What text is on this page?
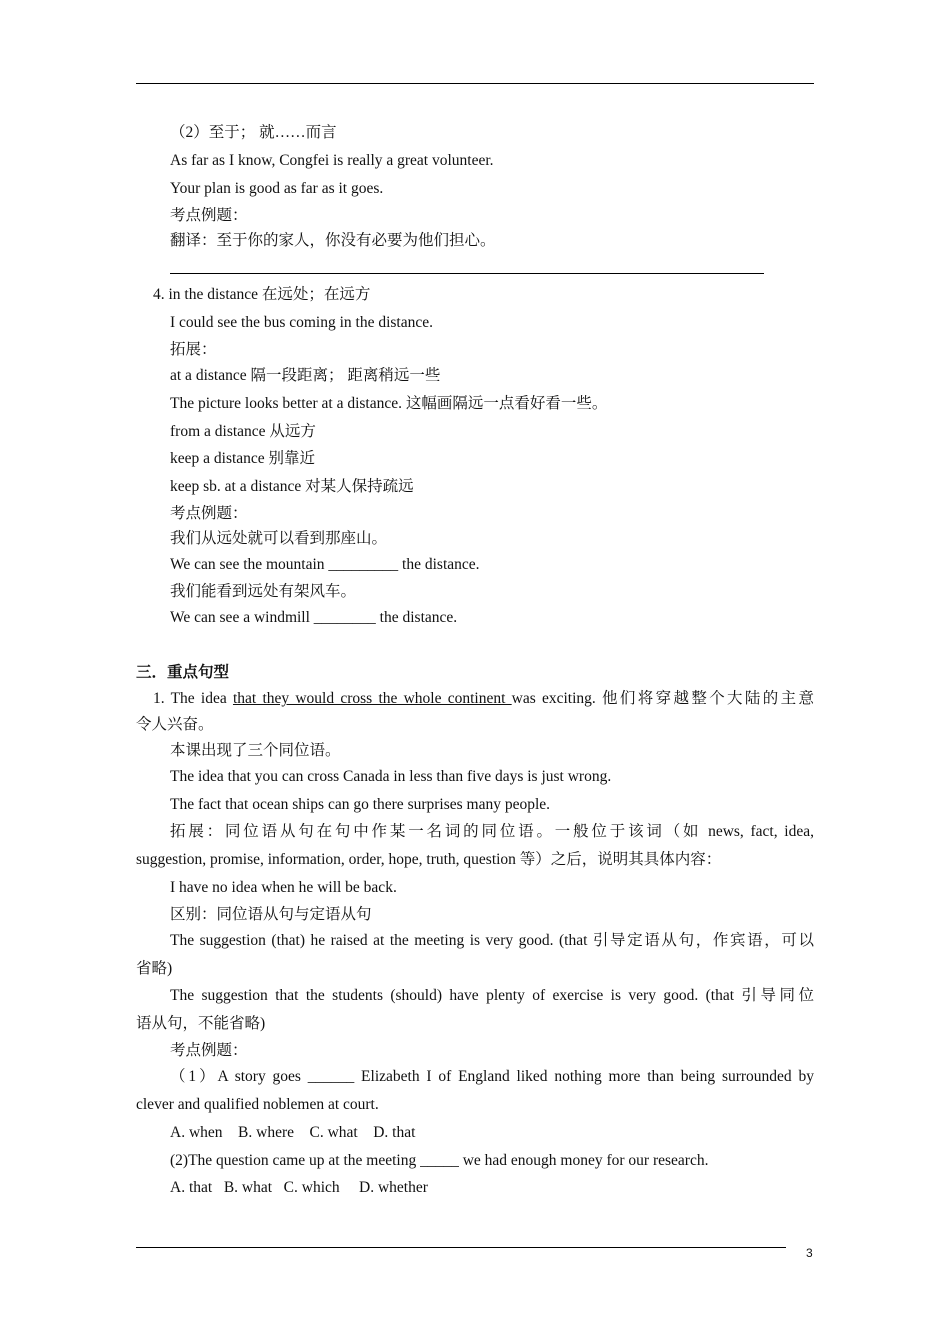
（2）至于； 就……而言
As far as I know, Congfei is really a great volunteer.
Your plan is good as far as it goes.
考点例题：
翻译：至于你的家人，你没有必要为他们担心。
4. in the distance 在远处；在远方
I could see the bus coming in the distance.
拓展：
at a distance 隔一段距离； 距离稍远一些
The picture looks better at a distance. 这幅画隔远一点看好看一些。
from a distance 从远方
keep a distance 别靠近
keep sb. at a distance 对某人保持疏远
考点例题：
我们从远处就可以看到那座山。
We can see the mountain _________ the distance.
我们能看到远处有架风车。
We can see a windmill ________ the distance.
三．重点句型
1. The idea that they would cross the whole continent was exciting. 他们将穿越整个大陆的主意
令人兴奋。
本课出现了三个同位语。
The idea that you can cross Canada in less than five days is just wrong.
The fact that ocean ships can go there surprises many people.
拓展：同位语从句在句中作某一名词的同位语。一般位于该词（如 news, fact, idea,
suggestion, promise, information, order, hope, truth, question 等）之后，说明其具体内容：
I have no idea when he will be back.
区别：同位语从句与定语从句
The suggestion (that) he raised at the meeting is very good. (that 引导定语从句，作宾语，可以
省略)
The suggestion that the students (should) have plenty of exercise is very good. (that 引导同位
语从句，不能省略)
考点例题：
（1）A story goes ______ Elizabeth I of England liked nothing more than being surrounded by
clever and qualified noblemen at court.
A. when B. where C. what D. that
(2)The question came up at the meeting _____ we had enough money for our research.
A. that B. what C. which D. whether
3
